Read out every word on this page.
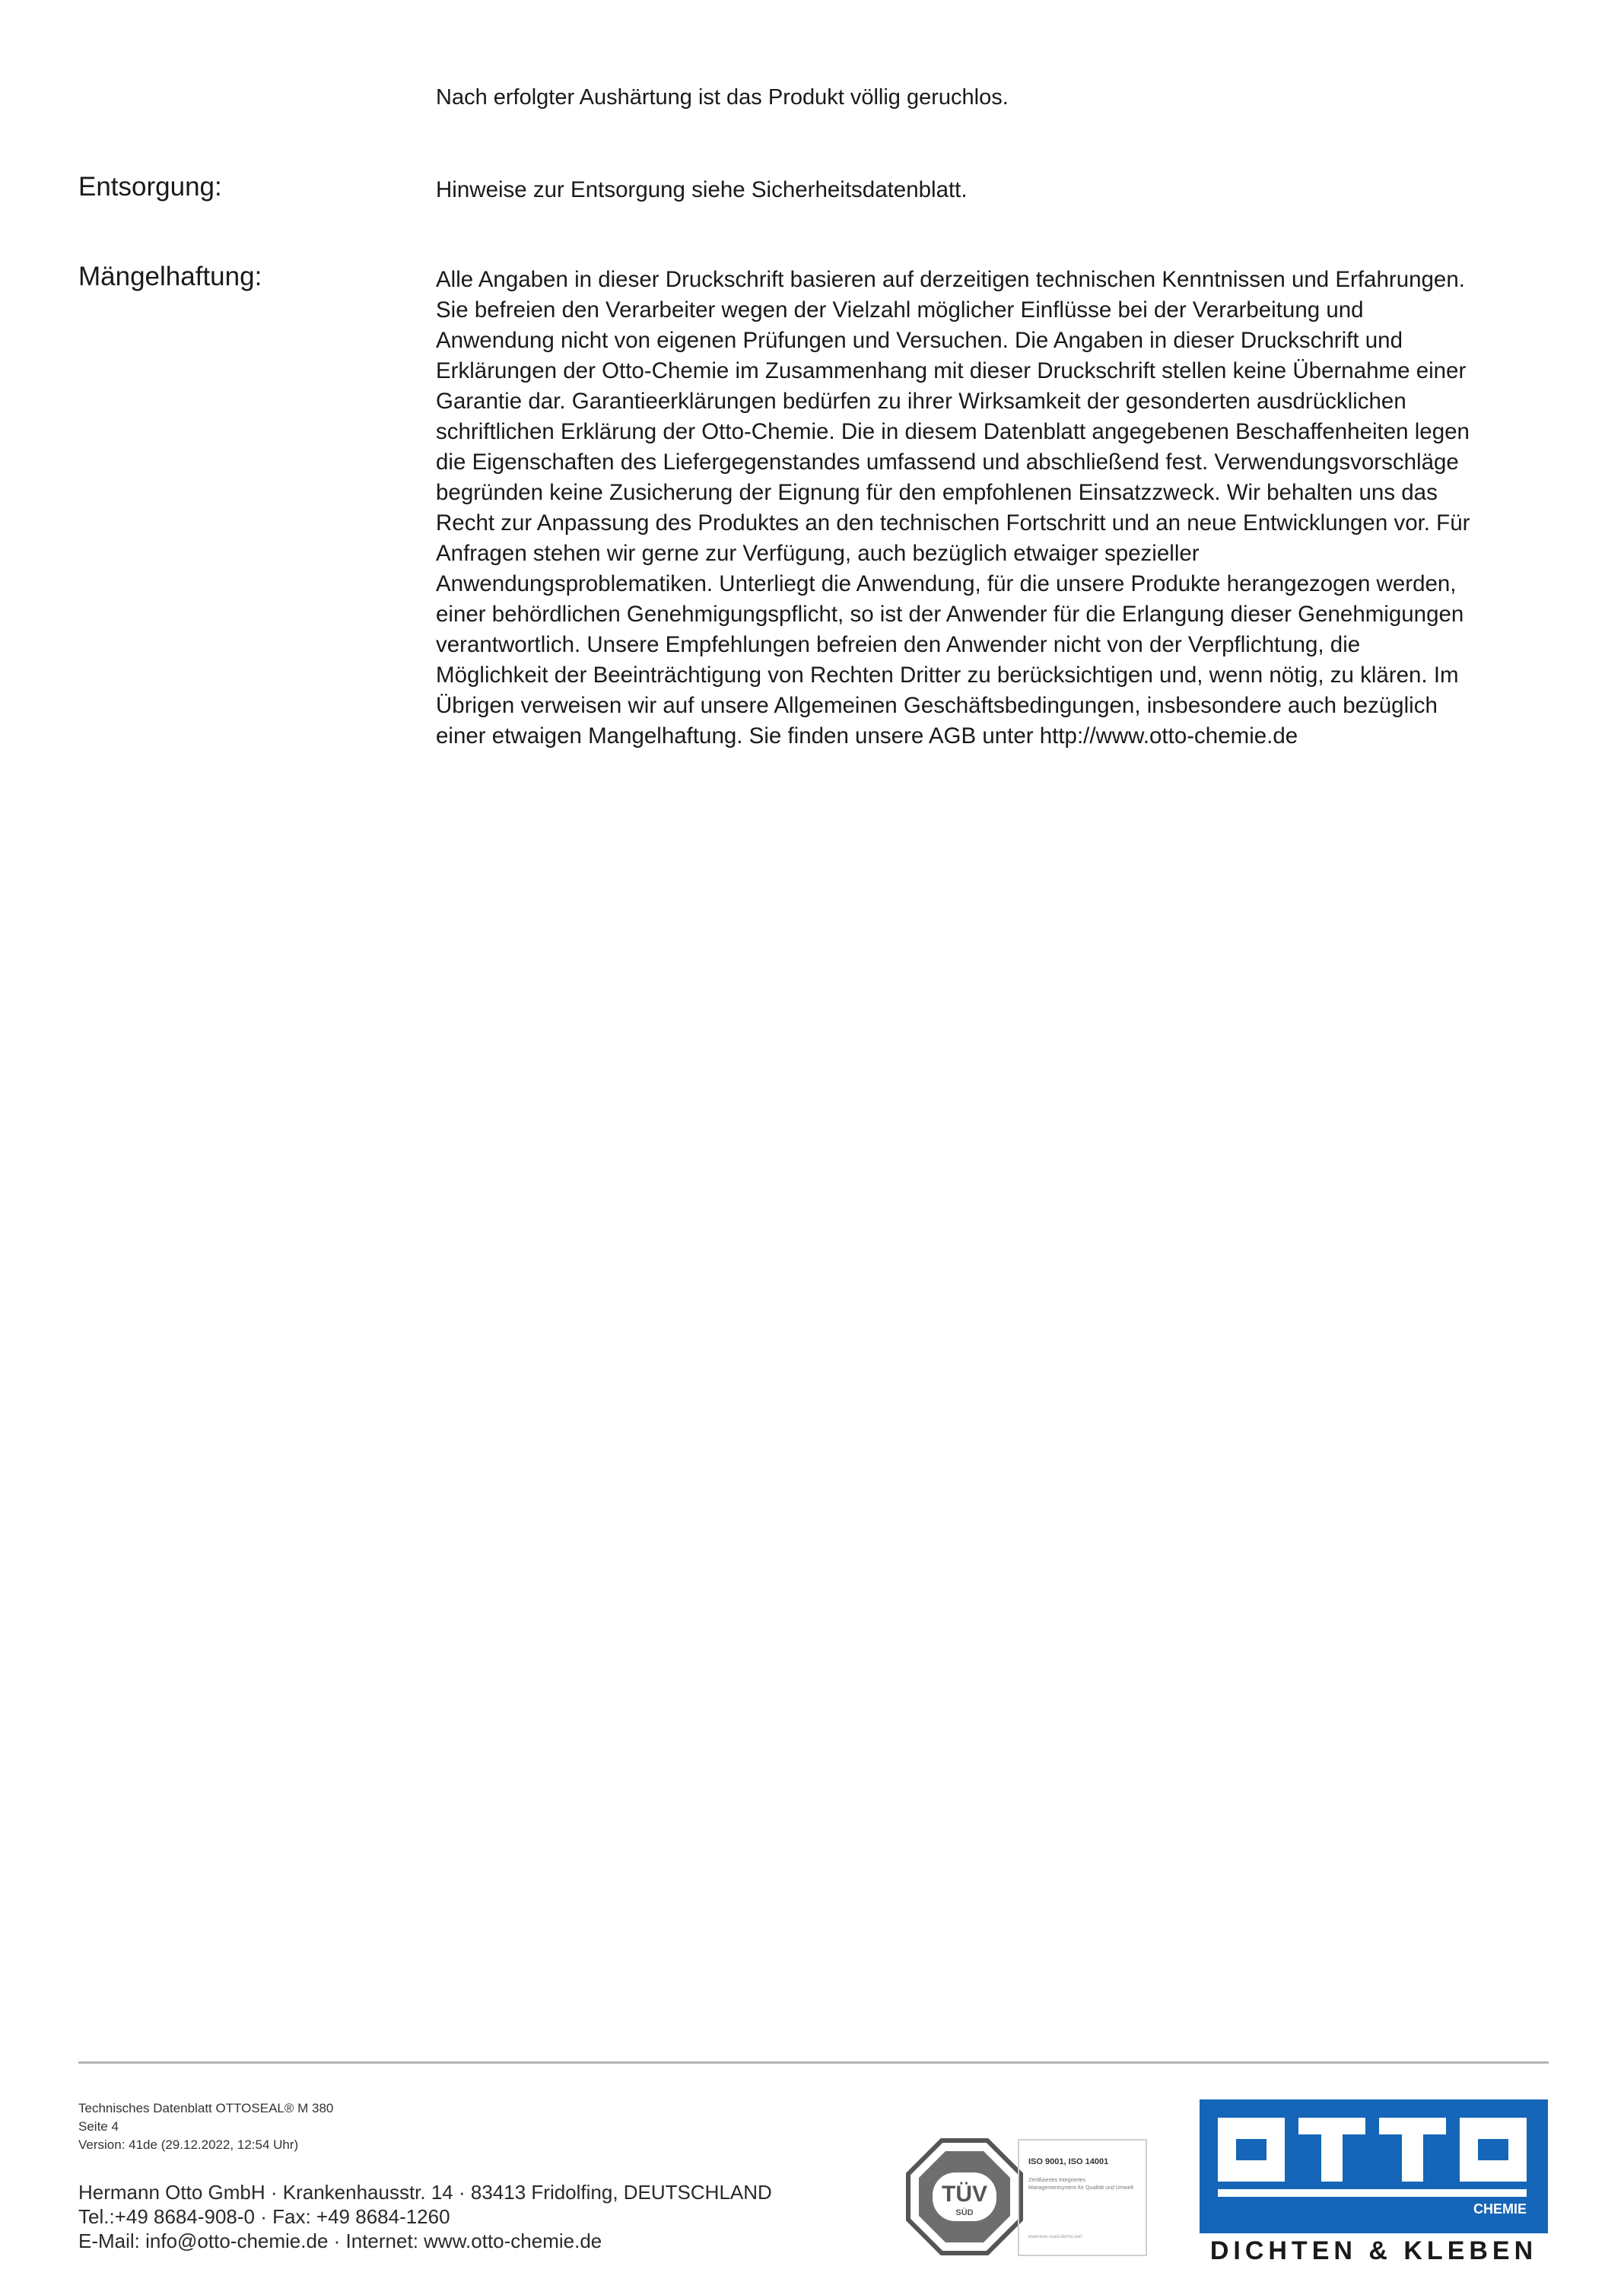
Nach erfolgter Aushärtung ist das Produkt völlig geruchlos.
Entsorgung:	Hinweise zur Entsorgung siehe Sicherheitsdatenblatt.
Mängelhaftung:	Alle Angaben in dieser Druckschrift basieren auf derzeitigen technischen Kenntnissen und Erfahrungen.
Sie befreien den Verarbeiter wegen der Vielzahl möglicher Einflüsse bei der Verarbeitung und
Anwendung nicht von eigenen Prüfungen und Versuchen. Die Angaben in dieser Druckschrift und
Erklärungen der Otto-Chemie im Zusammenhang mit dieser Druckschrift stellen keine Übernahme einer
Garantie dar. Garantieerklärungen bedürfen zu ihrer Wirksamkeit der gesonderten ausdrücklichen
schriftlichen Erklärung der Otto-Chemie. Die in diesem Datenblatt angegebenen Beschaffenheiten legen
die Eigenschaften des Liefergegenstandes umfassend und abschließend fest. Verwendungsvorschläge
begründen keine Zusicherung der Eignung für den empfohlenen Einsatzzweck. Wir behalten uns das
Recht zur Anpassung des Produktes an den technischen Fortschritt und an neue Entwicklungen vor. Für
Anfragen stehen wir gerne zur Verfügung, auch bezüglich etwaiger spezieller
Anwendungsproblematiken. Unterliegt die Anwendung, für die unsere Produkte herangezogen werden,
einer behördlichen Genehmigungspflicht, so ist der Anwender für die Erlangung dieser Genehmigungen
verantwortlich. Unsere Empfehlungen befreien den Anwender nicht von der Verpflichtung, die
Möglichkeit der Beeinträchtigung von Rechten Dritter zu berücksichtigen und, wenn nötig, zu klären. Im
Übrigen verweisen wir auf unsere Allgemeinen Geschäftsbedingungen, insbesondere auch bezüglich
einer etwaigen Mangelhaftung. Sie finden unsere AGB unter http://www.otto-chemie.de
Technisches Datenblatt OTTOSEAL® M 380
Seite 4
Version: 41de (29.12.2022, 12:54 Uhr)
Hermann Otto GmbH · Krankenhausstr. 14 · 83413 Fridolfing, DEUTSCHLAND
Tel.:+49 8684-908-0 · Fax: +49 8684-1260
E-Mail: info@otto-chemie.de · Internet: www.otto-chemie.de
TÜV
SÜD
ISO 9001, ISO 14001
Zertifiziertes Integriertes Managementsystem für Qualität und Umwelt
www.tuev-sued.de/ms-zert
CHEMIE
DICHTEN & KLEBEN
